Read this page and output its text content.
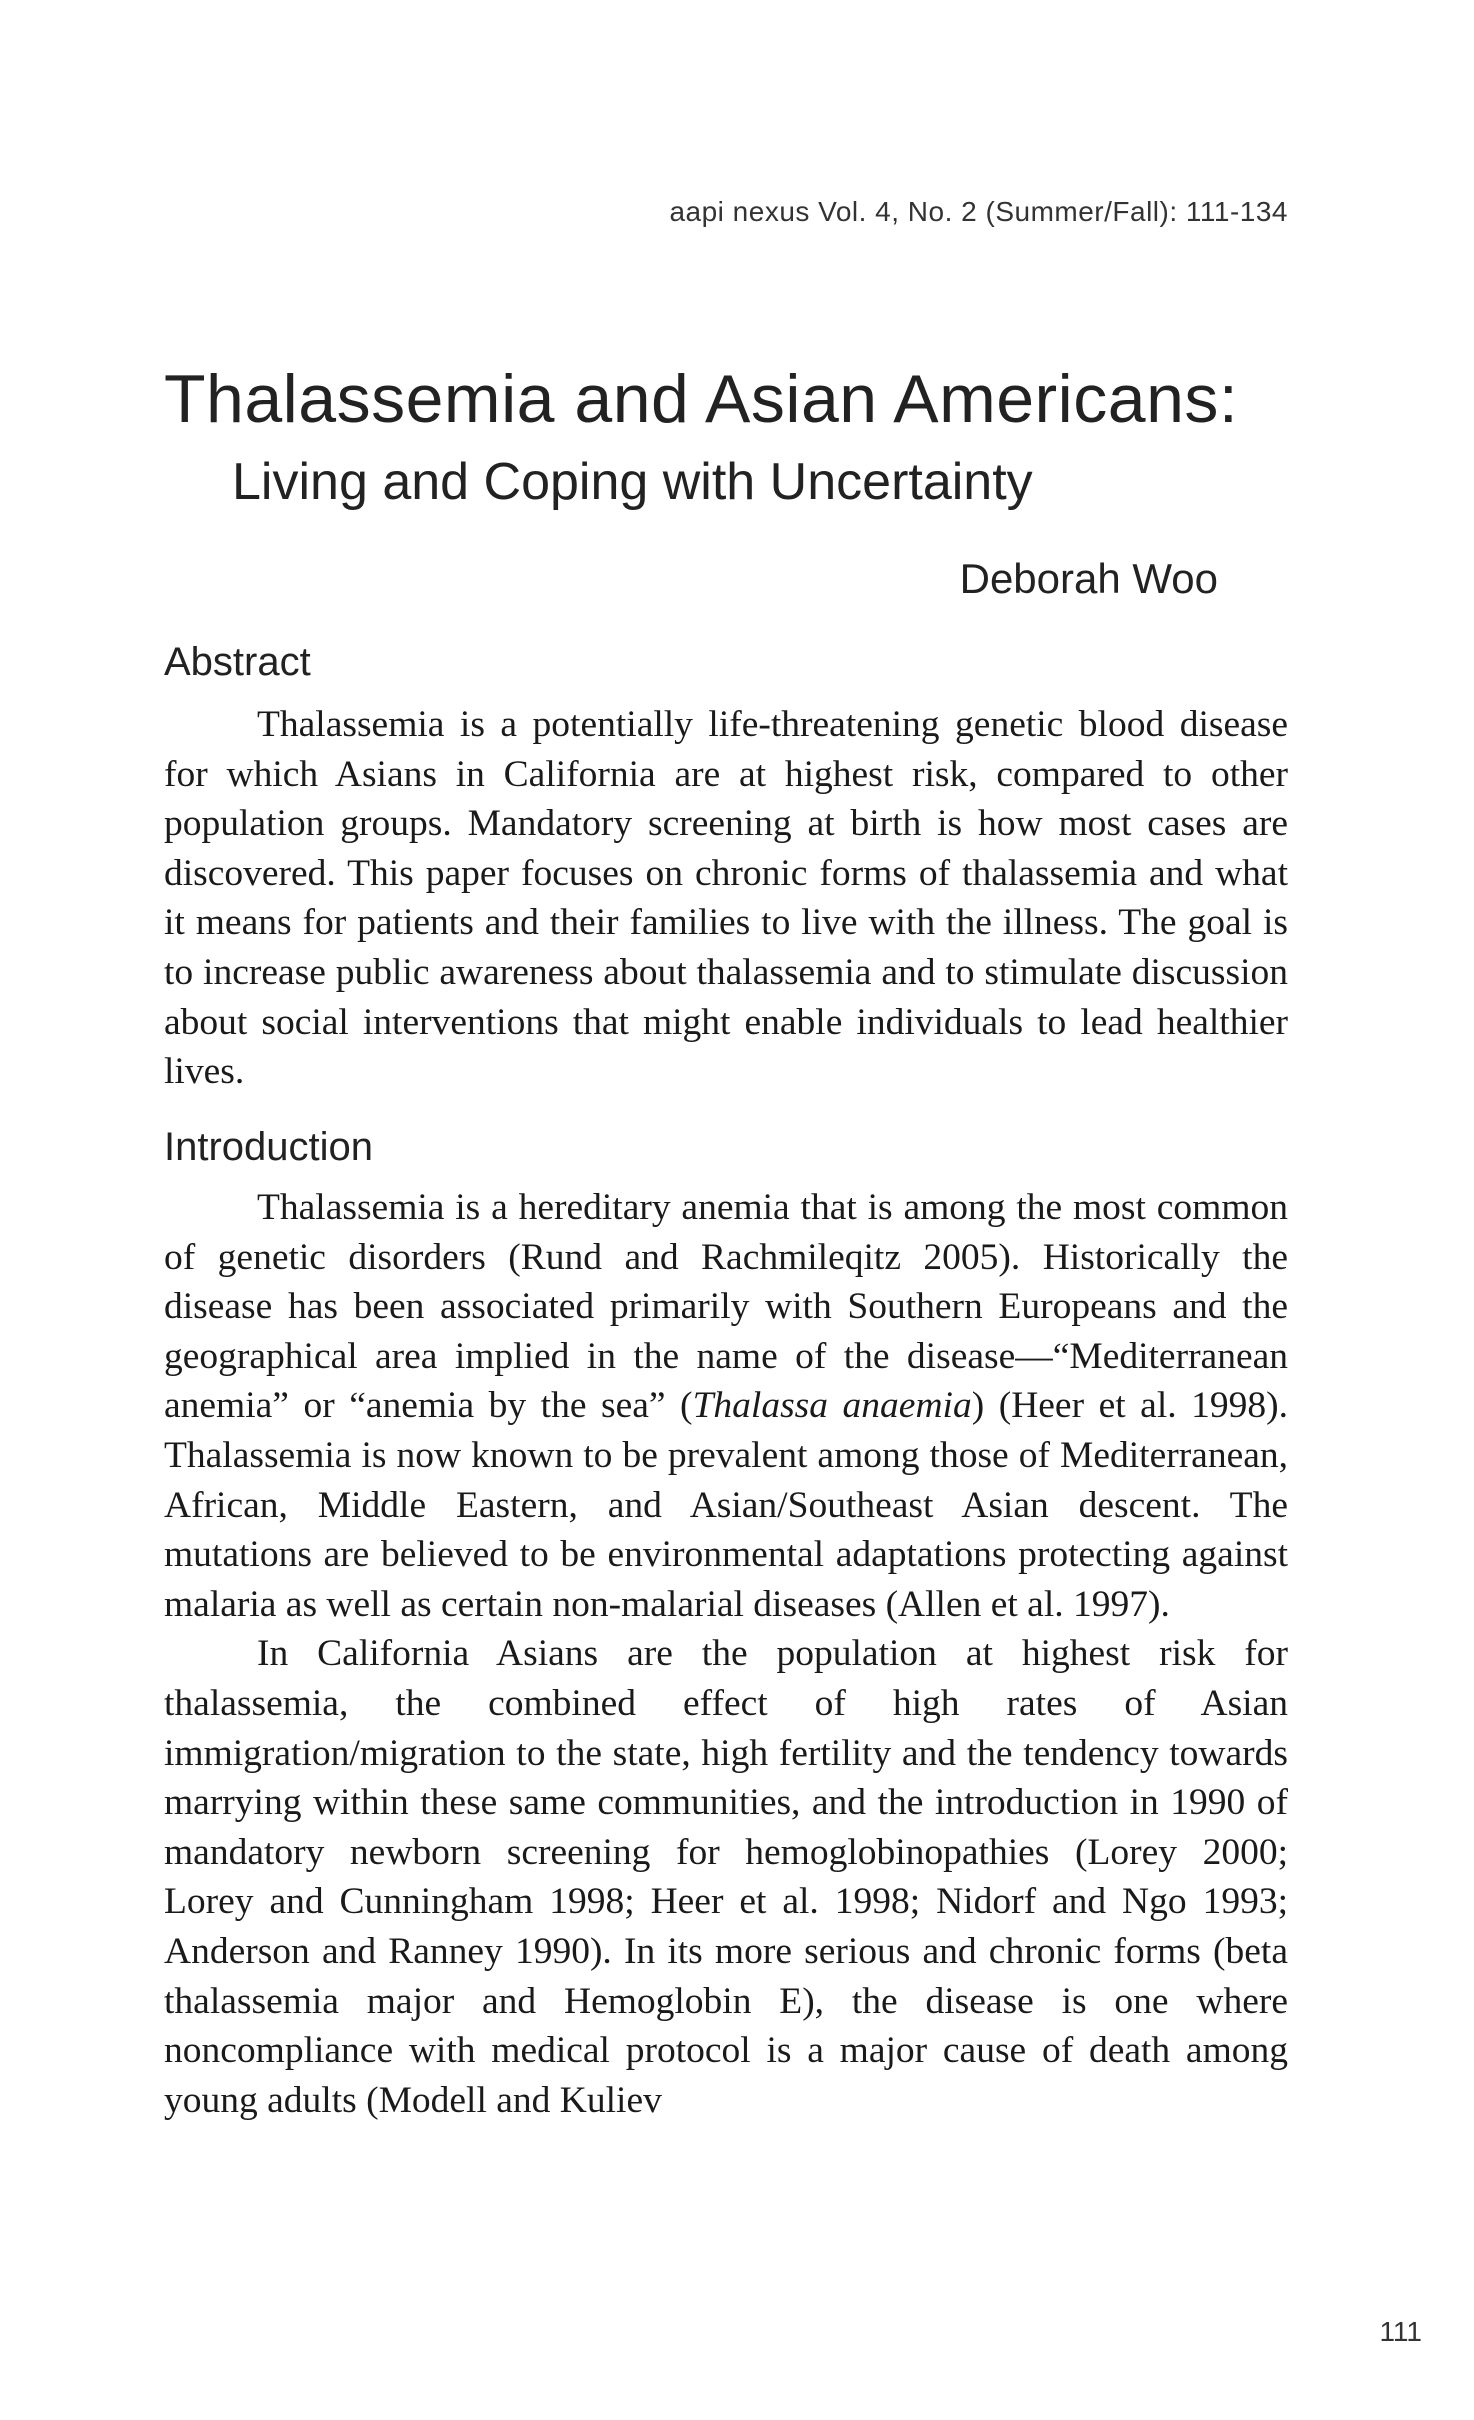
aapi nexus Vol. 4, No. 2 (Summer/Fall): 111-134
Thalassemia and Asian Americans:
Living and Coping with Uncertainty
Deborah Woo
Abstract

Thalassemia is a potentially life-threatening genetic blood disease for which Asians in California are at highest risk, compared to other population groups. Mandatory screening at birth is how most cases are discovered. This paper focuses on chronic forms of thalassemia and what it means for patients and their families to live with the illness. The goal is to increase public awareness about thalassemia and to stimulate discussion about social interventions that might enable individuals to lead healthier lives.

Introduction

Thalassemia is a hereditary anemia that is among the most common of genetic disorders (Rund and Rachmileqitz 2005). Historically the disease has been associated primarily with Southern Europeans and the geographical area implied in the name of the disease—“Mediterranean anemia” or “anemia by the sea” (Thalassa anaemia) (Heer et al. 1998). Thalassemia is now known to be prevalent among those of Mediterranean, African, Middle Eastern, and Asian/Southeast Asian descent. The mutations are believed to be environmental adaptations protecting against malaria as well as certain non-malarial diseases (Allen et al. 1997).

In California Asians are the population at highest risk for thalassemia, the combined effect of high rates of Asian immigration/migration to the state, high fertility and the tendency towards marrying within these same communities, and the introduction in 1990 of mandatory newborn screening for hemoglobinopathies (Lorey 2000; Lorey and Cunningham 1998; Heer et al. 1998; Nidorf and Ngo 1993; Anderson and Ranney 1990). In its more serious and chronic forms (beta thalassemia major and Hemoglobin E), the disease is one where noncompliance with medical protocol is a major cause of death among young adults (Modell and Kuliev

111
